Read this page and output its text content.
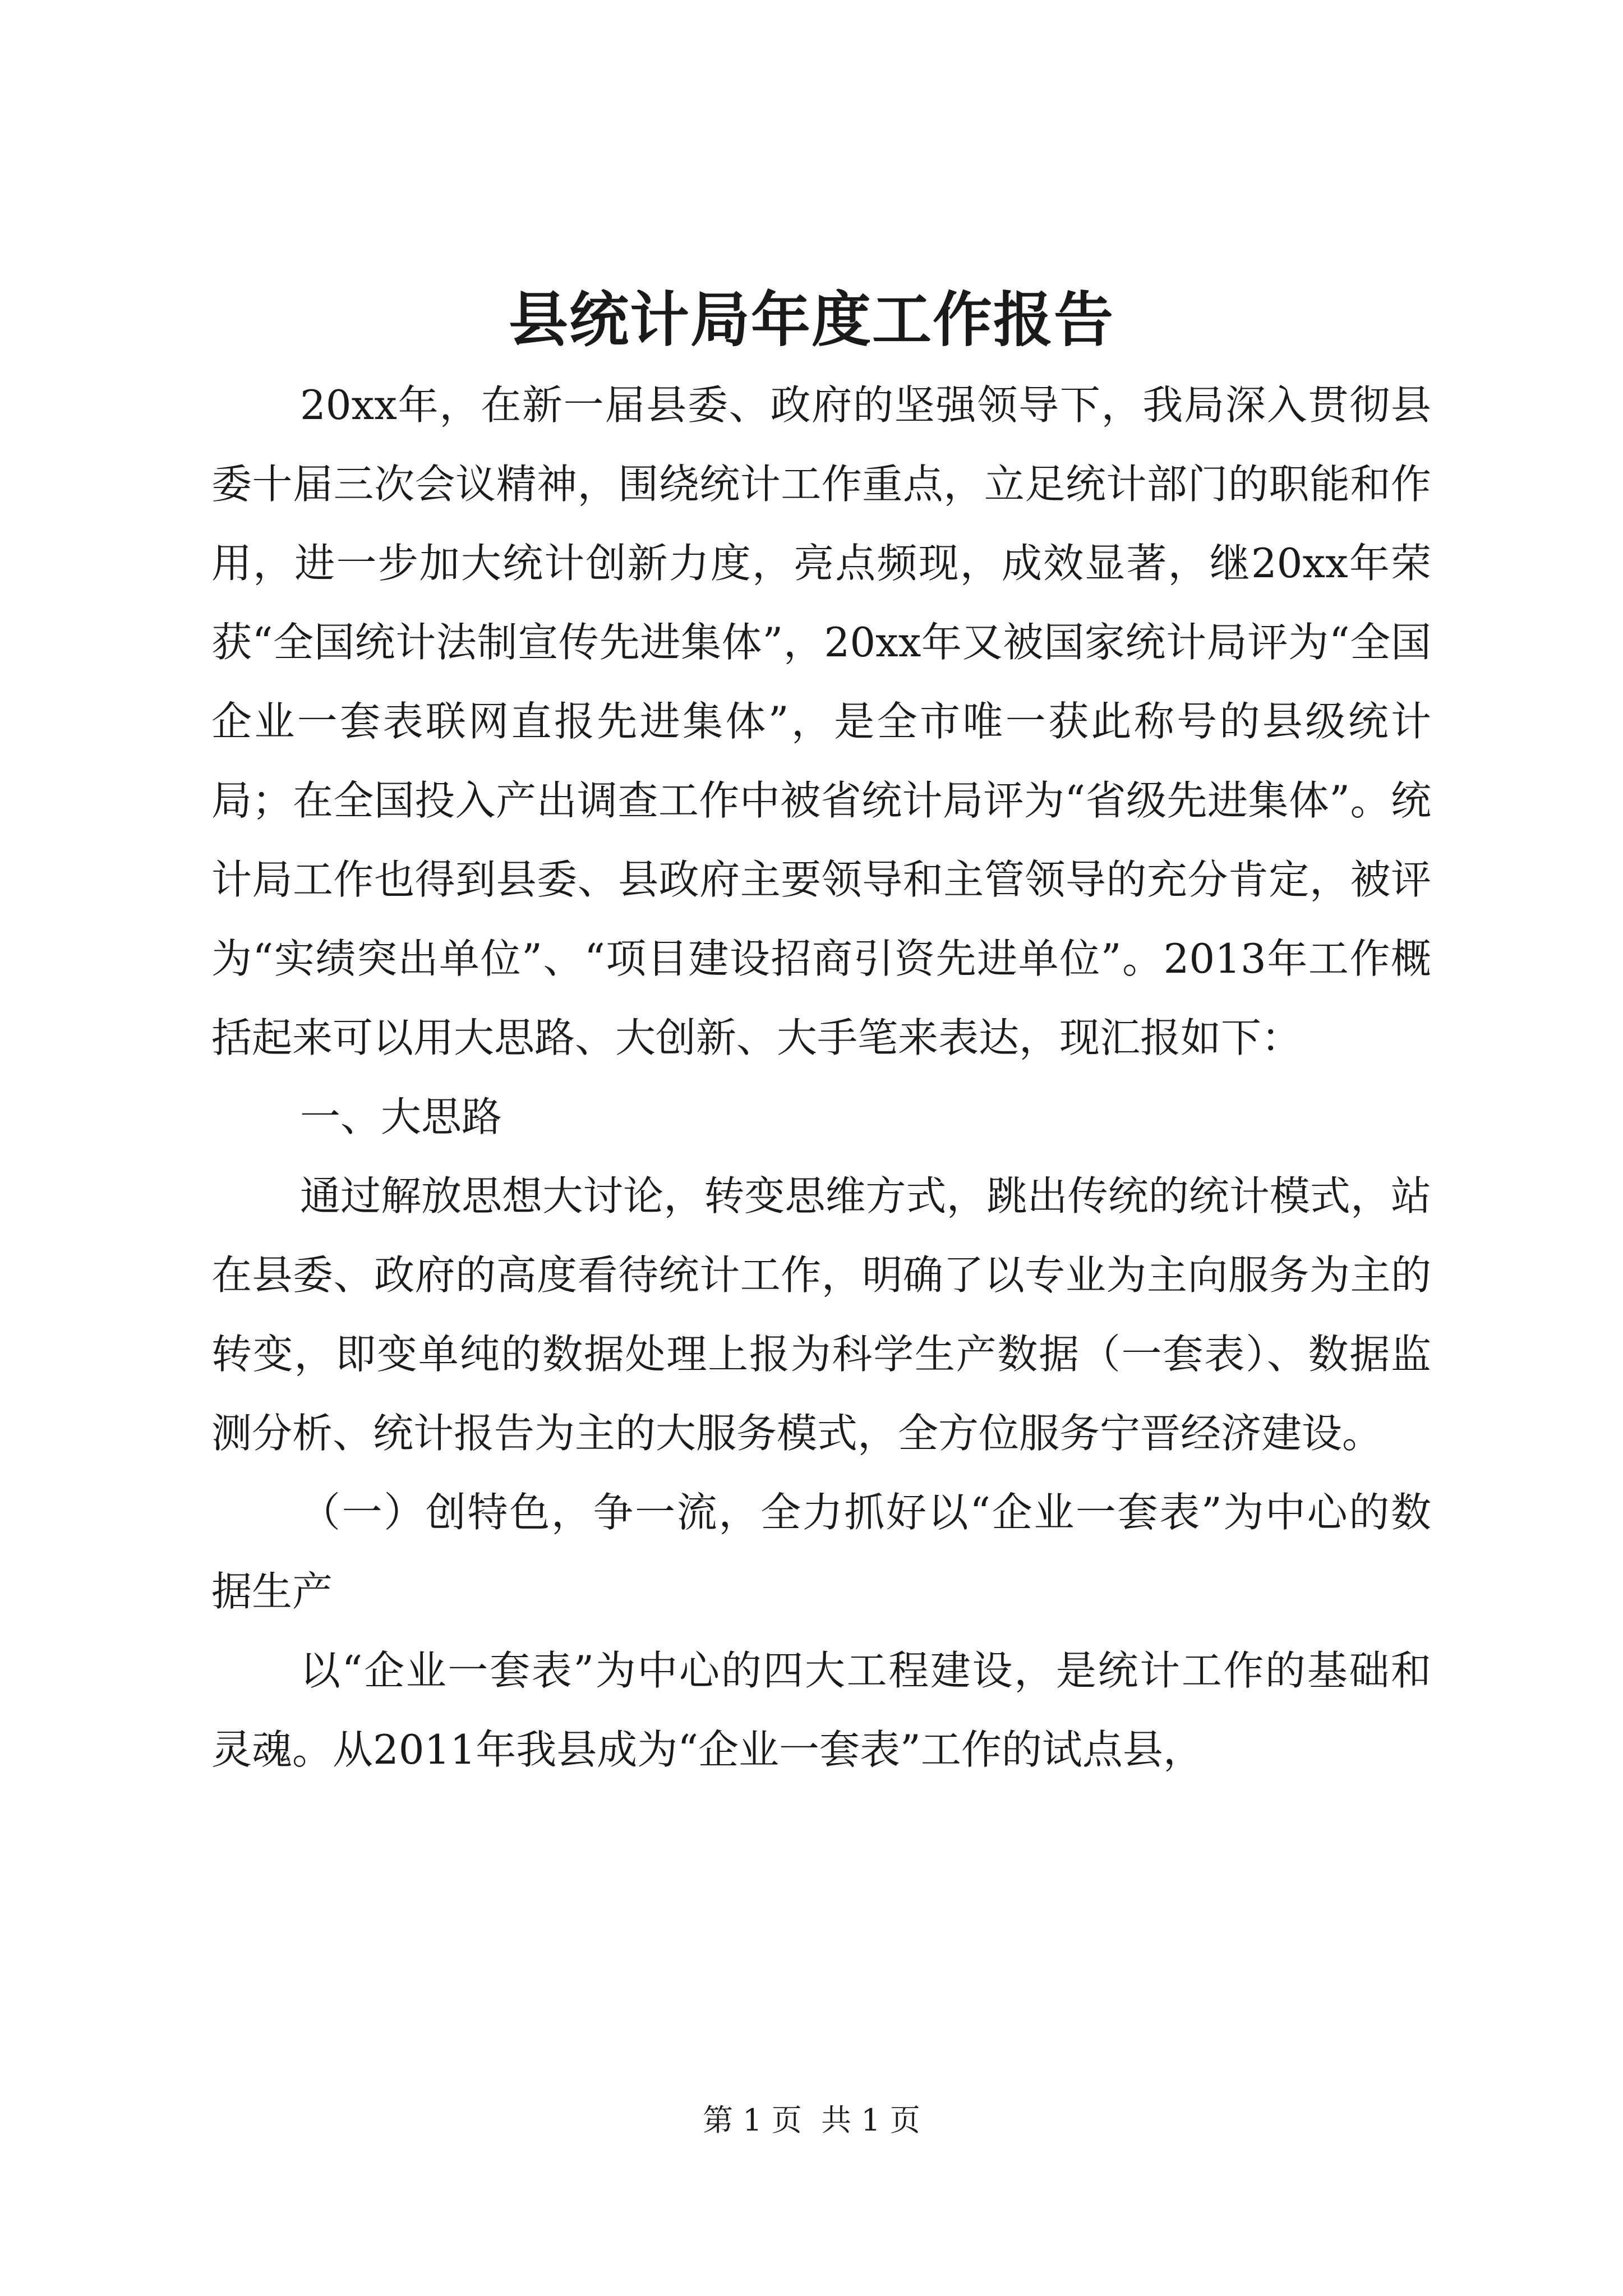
县统计局年度工作报告

20xx年，在新一届县委、政府的坚强领导下，我局深入贯彻县委十届三次会议精神，围绕统计工作重点，立足统计部门的职能和作用，进一步加大统计创新力度，亮点频现，成效显著，继20xx年荣获“全国统计法制宣传先进集体”，20xx年又被国家统计局评为“全国企业一套表联网直报先进集体”，是全市唯一获此称号的县级统计局；在全国投入产出调查工作中被省统计局评为“省级先进集体”。统计局工作也得到县委、县政府主要领导和主管领导的充分肯定，被评为“实绩突出单位”、“项目建设招商引资先进单位”。2013年工作概括起来可以用大思路、大创新、大手笔来表达，现汇报如下：

一、大思路

通过解放思想大讨论，转变思维方式，跳出传统的统计模式，站在县委、政府的高度看待统计工作，明确了以专业为主向服务为主的转变，即变单纯的数据处理上报为科学生产数据（一套表）、数据监测分析、统计报告为主的大服务模式，全方位服务宁晋经济建设。

（一）创特色，争一流，全力抓好以“企业一套表”为中心的数据生产

以“企业一套表”为中心的四大工程建设，是统计工作的基础和灵魂。从2011年我县成为“企业一套表”工作的试点县，

第 1 页  共 1 页
